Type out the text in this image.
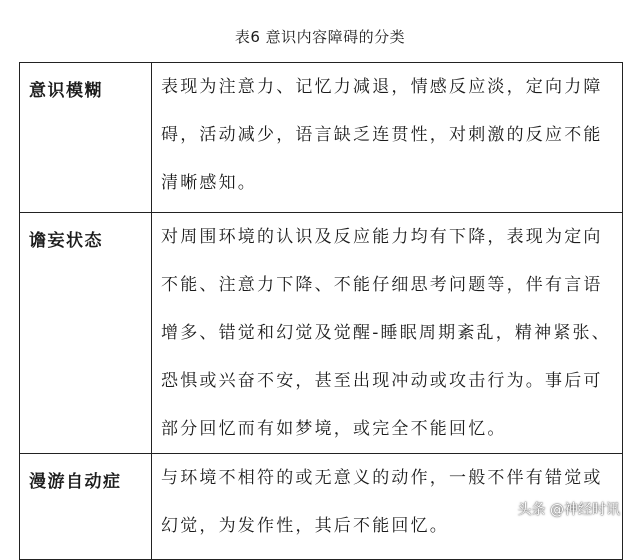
表6 意识内容障碍的分类
意识模糊	表现为注意力、记忆力减退，情感反应淡，定向力障碍，活动减少，语言缺乏连贯性，对刺激的反应不能清晰感知。
谵妄状态	对周围环境的认识及反应能力均有下降，表现为定向不能、注意力下降、不能仔细思考问题等，伴有言语增多、错觉和幻觉及觉醒-睡眠周期紊乱，精神紧张、恐惧或兴奋不安，甚至出现冲动或攻击行为。事后可部分回忆而有如梦境，或完全不能回忆。
漫游自动症	与环境不相符的或无意义的动作，一般不伴有错觉或幻觉，为发作性，其后不能回忆。
头条 @神经时讯
